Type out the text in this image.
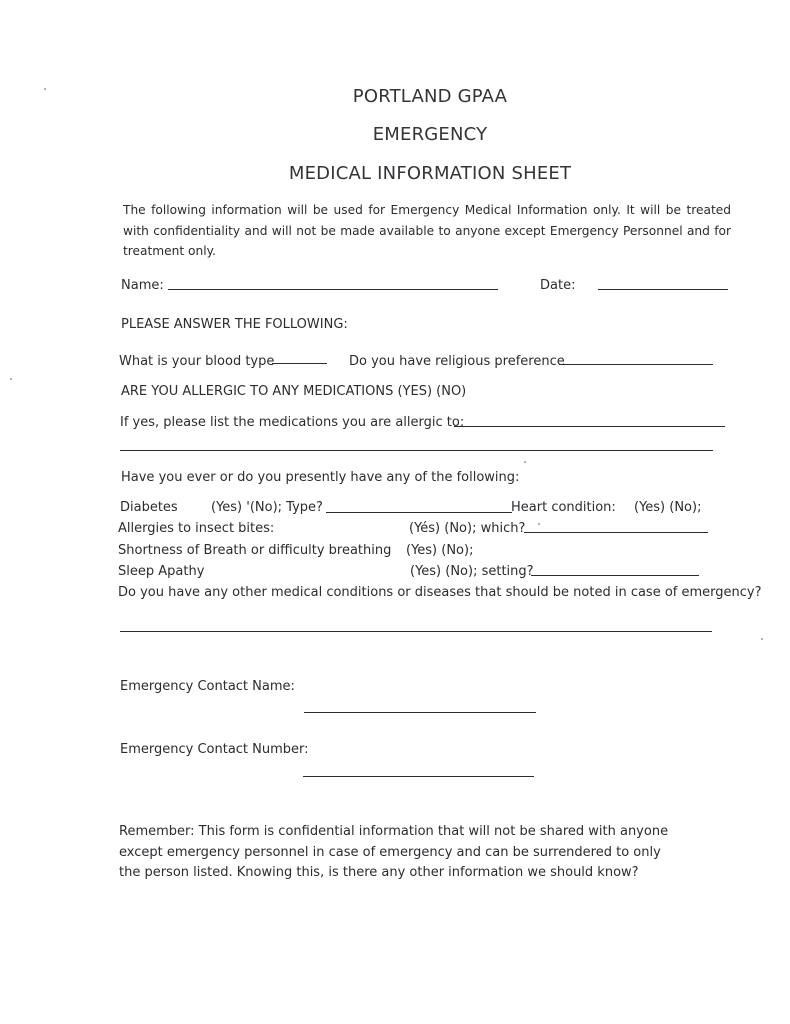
PORTLAND GPAA
EMERGENCY
MEDICAL INFORMATION SHEET
The following information will be used for Emergency Medical Information only. It will be treated with confidentiality and will not be made available to anyone except Emergency Personnel and for treatment only.
Name:	Date:
PLEASE ANSWER THE FOLLOWING:
What is your blood type	Do you have religious preference
ARE YOU ALLERGIC TO ANY MEDICATIONS (YES) (NO)
If yes, please list the medications you are allergic to:
Have you ever or do you presently have any of the following:
Diabetes	(Yes) '(No); Type?	Heart condition: (Yes) (No);
Allergies to insect bites:	(Yés) (No); which?
Shortness of Breath or difficulty breathing (Yes) (No);
Sleep Apathy	(Yes) (No); setting?
Do you have any other medical conditions or diseases that should be noted in case of emergency?
Emergency Contact Name:
Emergency Contact Number:
Remember: This form is confidential information that will not be shared with anyone except emergency personnel in case of emergency and can be surrendered to only the person listed. Knowing this, is there any other information we should know?
